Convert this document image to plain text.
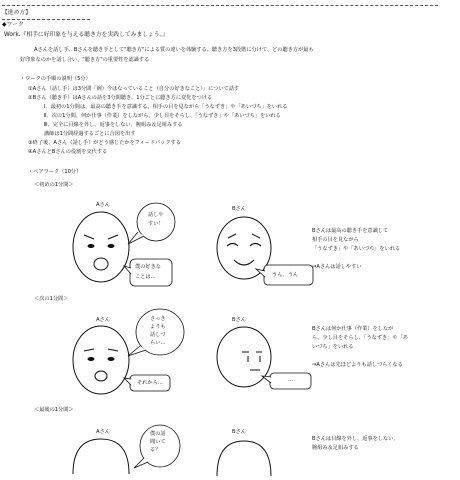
【進め方】
◆ワーク
Work.『相手に好印象を与える聴き方を実践してみましょう。』
Aさんを話し手、Bさんを聴き手として"聴き方"による質の違いを体験する。聴き方を3段階に分けて、どの聴き方が最も
好印象なのかを話し合い、"聴き方"の重要性を認識する
・ワークの手順の説明（5分）
①Aさん（話し手）は3分間「例）今はなっていること（自分の好きなこと）」について話す
②Bさん（聴き手）はAさんの話を3分間聴き、1分ごとに聴き方に変化をつける
Ⅰ．最初の1分間は、最高の聴き手を意識する。相手の目を見ながら「うなずき」や「あいづち」をいれる
Ⅱ．次の1分間、何か仕事（作業）をしながら、少し目をそらし、「うなずき」や「あいづち」をいれる
Ⅲ．完全に目線を外し、返事をしない、腕組み＆足組みする
講師は1分間経過するごとに合図を出す
③終了後、Aさん（話し手）がどう感じたかをフィードバックする
④AさんとBさんの役割を交代する
・ペアワーク（10分）
＜初めの1分間＞
Aさん
Bさん
話しや
すい！
僕の好きな
ことは…	うん、うん
Bさんは最高の聴き手を意識して
相手の目を見ながら
「うなずき」や「あいづち」をいれる
⇒Aさんは話しやすい
＜次の1分間＞
Aさん	Bさん
さっき
よりも
話しづ
らい…
それから…	…
Bさんは何か仕事（作業）をしなが
ら、少し目をそらし、「うなずき」や「あ
いづち」をいれる
⇒Aさんは先ほどよりも話しづらくなる
＜最後の1分間＞
Aさん	Bさん
僕の話
聞いて
る？
Bさんは目線を外し、返事をしない、
腕組み＆足組みする
